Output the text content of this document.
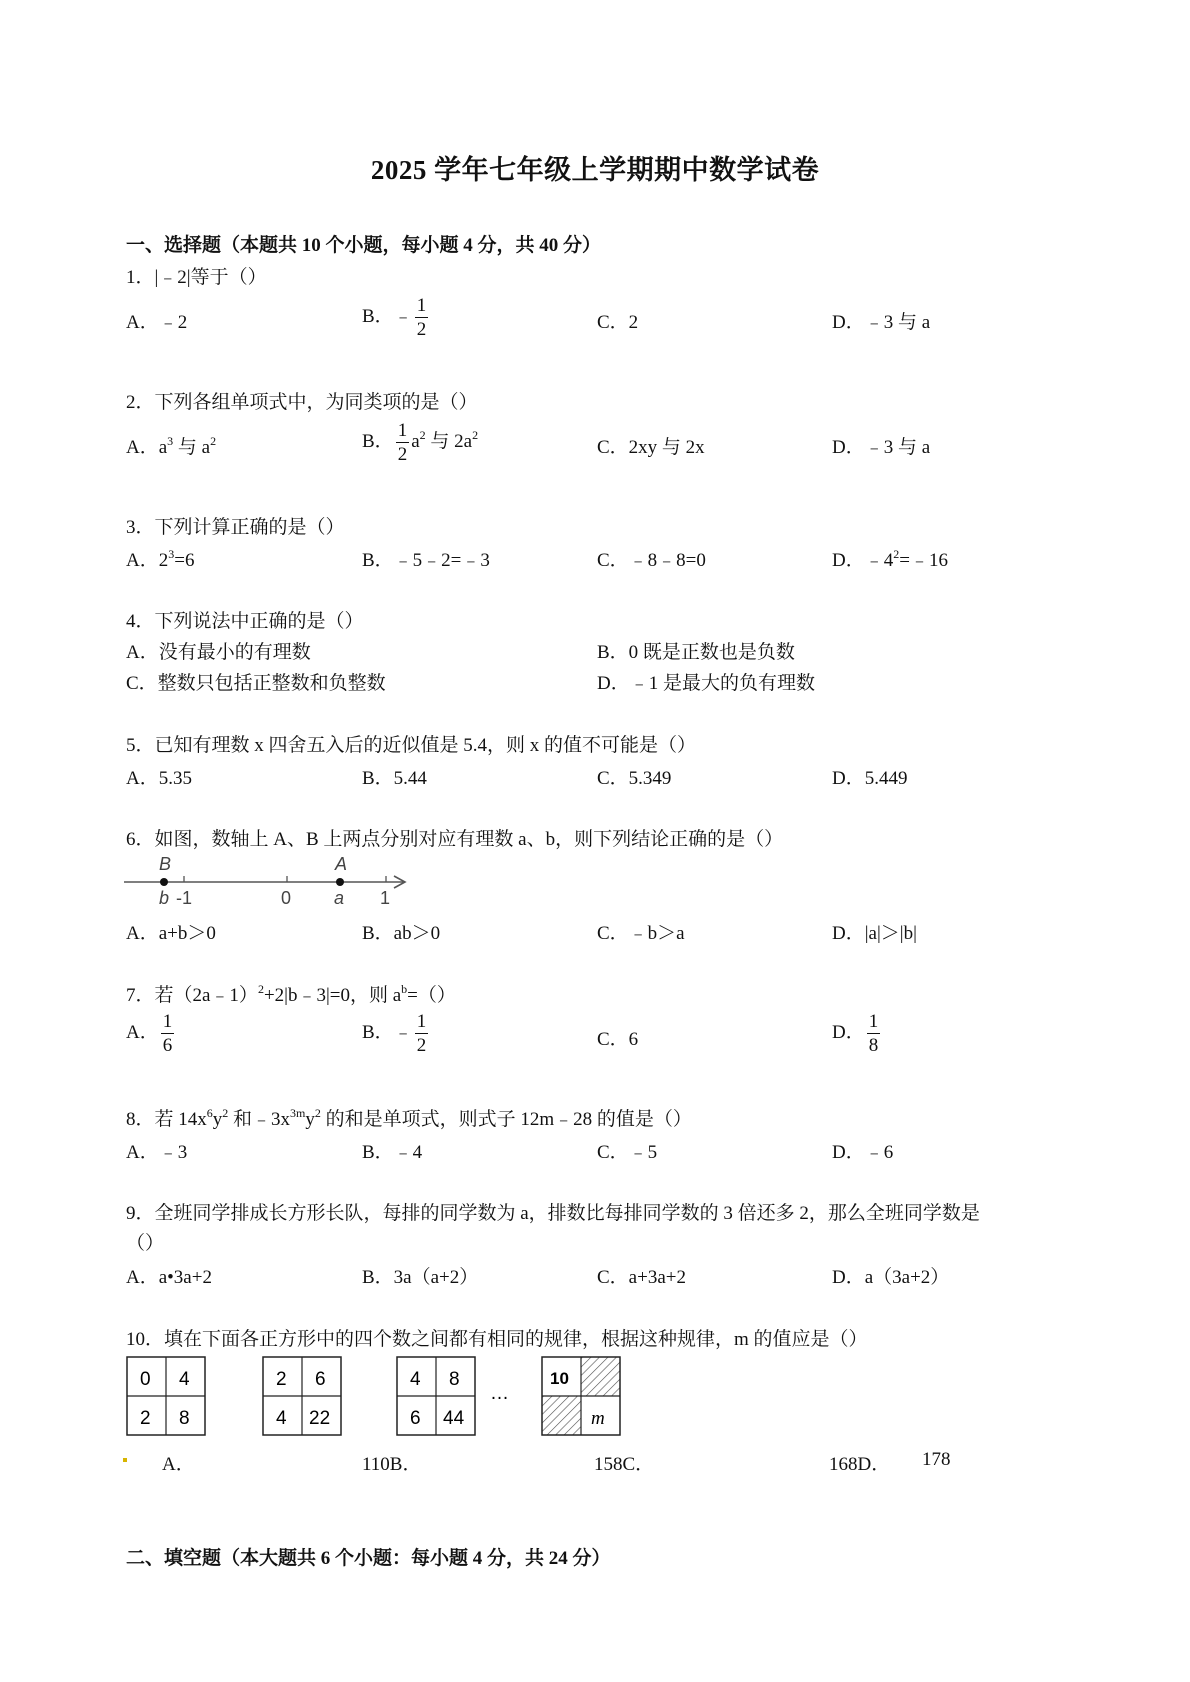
2025 学年七年级上学期期中数学试卷
一、选择题（本题共 10 个小题，每小题 4 分，共 40 分）
1．|﹣2|等于（）
A．﹣2	B．﹣ $\frac{1}{2}$	C．2	D．﹣3 与 a
2．下列各组单项式中，为同类项的是（）
A．$a^3$ 与 $a^2$	B． $\frac{1}{2} a^2$ 与 $2a^2$
C．2xy 与 2x	D．﹣3 与 a
3．下列计算正确的是（）
A．$2^3=6$	B．﹣5﹣2=﹣3	C．﹣8﹣8=0	D．$﹣4^2=﹣16$
4．下列说法中正确的是（）
A．没有最小的有理数	B．0 既是正数也是负数
C．整数只包括正整数和负整数	D．﹣1 是最大的负有理数
5．已知有理数 x 四舍五入后的近似值是 5.4，则 x 的值不可能是（）
A．5.35	B．5.44	C．5.349	D．5.449
6．如图，数轴上 A、B 上两点分别对应有理数 a、b，则下列结论正确的是（）
B	A
b -1	0 a 1
A．a+b＞0	B．ab＞0	C．﹣b＞a	D．|a|＞|b|
7．若（2a﹣1）$^2$+2|b﹣3|=0，则 $a^b=()$
A． $\frac{1}{6}$	B．﹣ $\frac{1}{2}$	C．6	D． $\frac{1}{8}$
8．若 $14x^6y^2$ 和$﹣3x^{3m}y^2$ 的和是单项式，则式子 12m﹣28 的值是（）
A．﹣3	B．﹣4	C．﹣5	D．﹣6
9．全班同学排成长方形长队，每排的同学数为 a，排数比每排同学数的 3 倍还多 2，那么全班同学数是
（）
A．a•3a+2	B．3a（a+2）	C．a+3a+2	D．a（3a+2）
10．填在下面各正方形中的四个数之间都有相同的规律，根据这种规律，m 的值应是（）
0 4
2 8
2 6
4 22
4 8
6 44
…
10
m
A．	110B．	158C．	168D． 178
二、填空题（本大题共 6 个小题：每小题 4 分，共 24 分）
